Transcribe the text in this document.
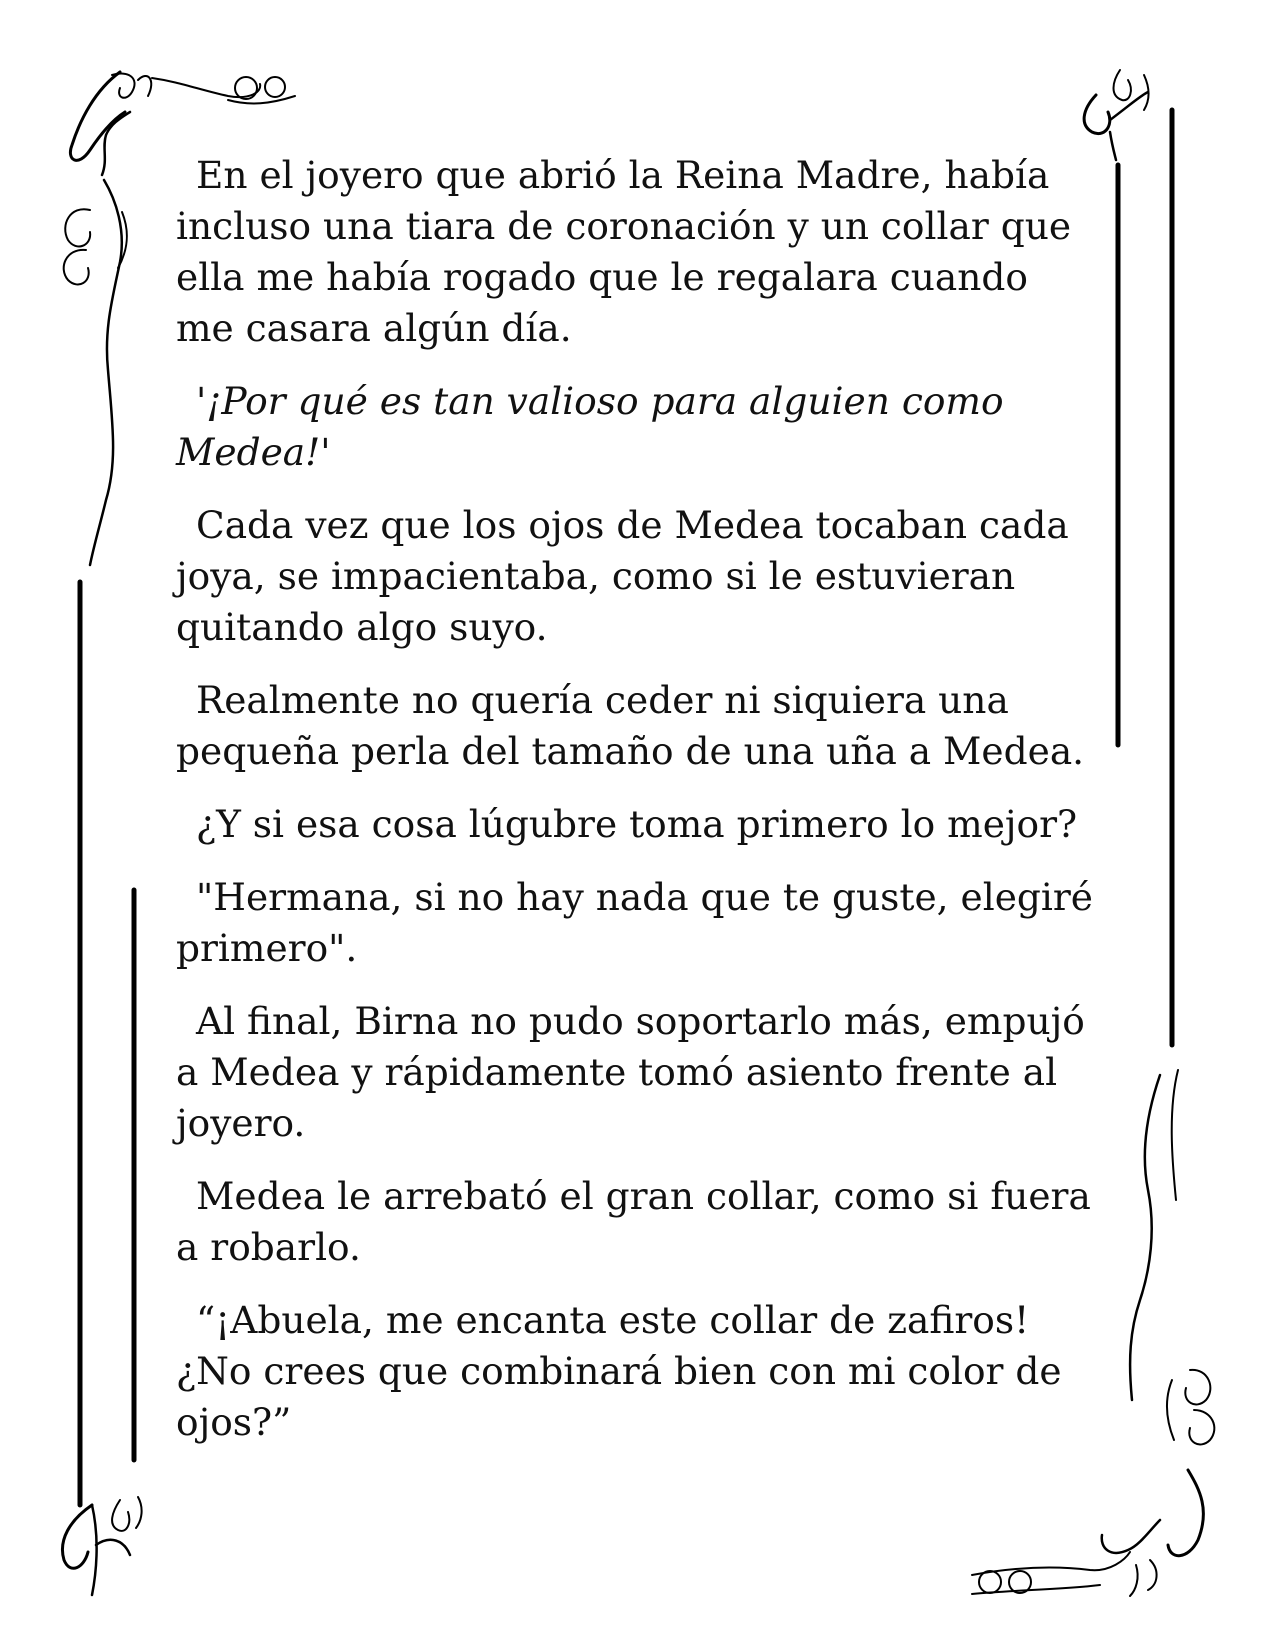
En el joyero que abrió la Reina Madre, había incluso una tiara de coronación y un collar que ella me había rogado que le regalara cuando me casara algún día.

'¡Por qué es tan valioso para alguien como Medea!'

Cada vez que los ojos de Medea tocaban cada joya, se impacientaba, como si le estuvieran quitando algo suyo.

Realmente no quería ceder ni siquiera una pequeña perla del tamaño de una uña a Medea.

¿Y si esa cosa lúgubre toma primero lo mejor?

"Hermana, si no hay nada que te guste, elegiré primero".

Al final, Birna no pudo soportarlo más, empujó a Medea y rápidamente tomó asiento frente al joyero.

Medea le arrebató el gran collar, como si fuera a robarlo.

“¡Abuela, me encanta este collar de zafiros! ¿No crees que combinará bien con mi color de ojos?”
